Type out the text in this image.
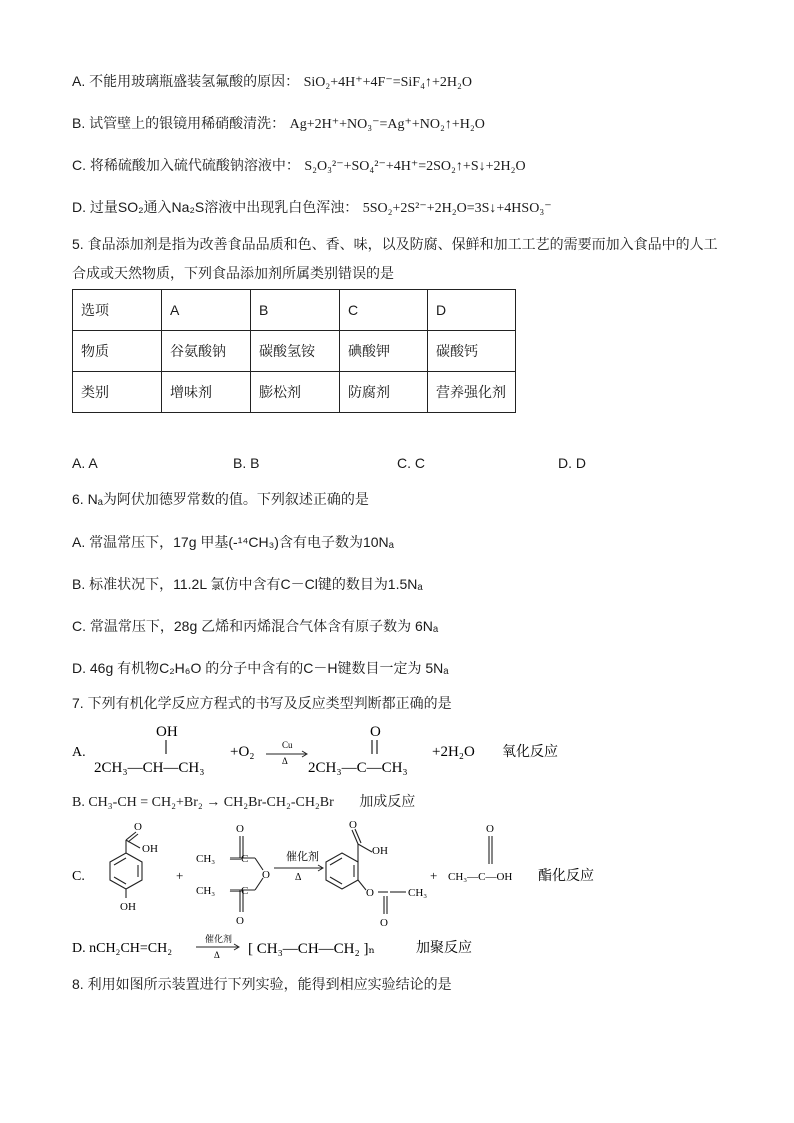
A. 不能用玻璃瓶盛装氢氟酸的原因： SiO₂+4H⁺+4F⁻=SiF₄↑+2H₂O
B. 试管壁上的银镜用稀硝酸清洗： Ag+2H⁺+NO₃⁻=Ag⁺+NO₂↑+H₂O
C. 将稀硫酸加入硫代硫酸钠溶液中： S₂O₃²⁻+SO₄²⁻+4H⁺=2SO₂↑+S↓+2H₂O
D. 过量SO₂通入Na₂S溶液中出现乳白色浑浊： 5SO₂+2S²⁻+2H₂O=3S↓+4HSO₃⁻
5. 食品添加剂是指为改善食品品质和色、香、味，以及防腐、保鲜和加工工艺的需要而加入食品中的人工
合成或天然物质，下列食品添加剂所属类别错误的是
选项	A	B	C	D
物质	谷氨酸钠	碳酸氢铵	碘酸钾	碳酸钙
类别	增味剂	膨松剂	防腐剂	营养强化剂
A. A	B. B	C. C	D. D
6. Nₐ为阿伏加德罗常数的值。下列叙述正确的是
A. 常温常压下，17g 甲基(-¹⁴CH₃)含有电子数为10Nₐ
B. 标准状况下，11.2L 氯仿中含有C－Cl键的数目为1.5Nₐ
C. 常温常压下，28g 乙烯和丙烯混合气体含有原子数为 6Nₐ
D. 46g 有机物C₂H₆O 的分子中含有的C－H键数目一定为 5Nₐ
7. 下列有机化学反应方程式的书写及反应类型判断都正确的是
A.
OH
2CH₃—CH—CH₃
+O₂	Cu
Δ
O
2CH₃—C—CH₃
+2H₂O 氧化反应
B. CH₃-CH = CH₂+Br₂ → CH₂Br-CH₂-CH₂Br 加成反应
C.
O
OH
OH
+
O
CH₃ —C
O
CH₃ —C
O
催化剂
Δ
O
OH
O
O
CH₃
+
O
CH₃—C—OH 酯化反应
D. nCH₂CH=CH₂
催化剂
Δ [ CH₃—CH—CH₂ ]ₙ	加聚反应
8. 利用如图所示装置进行下列实验，能得到相应实验结论的是
